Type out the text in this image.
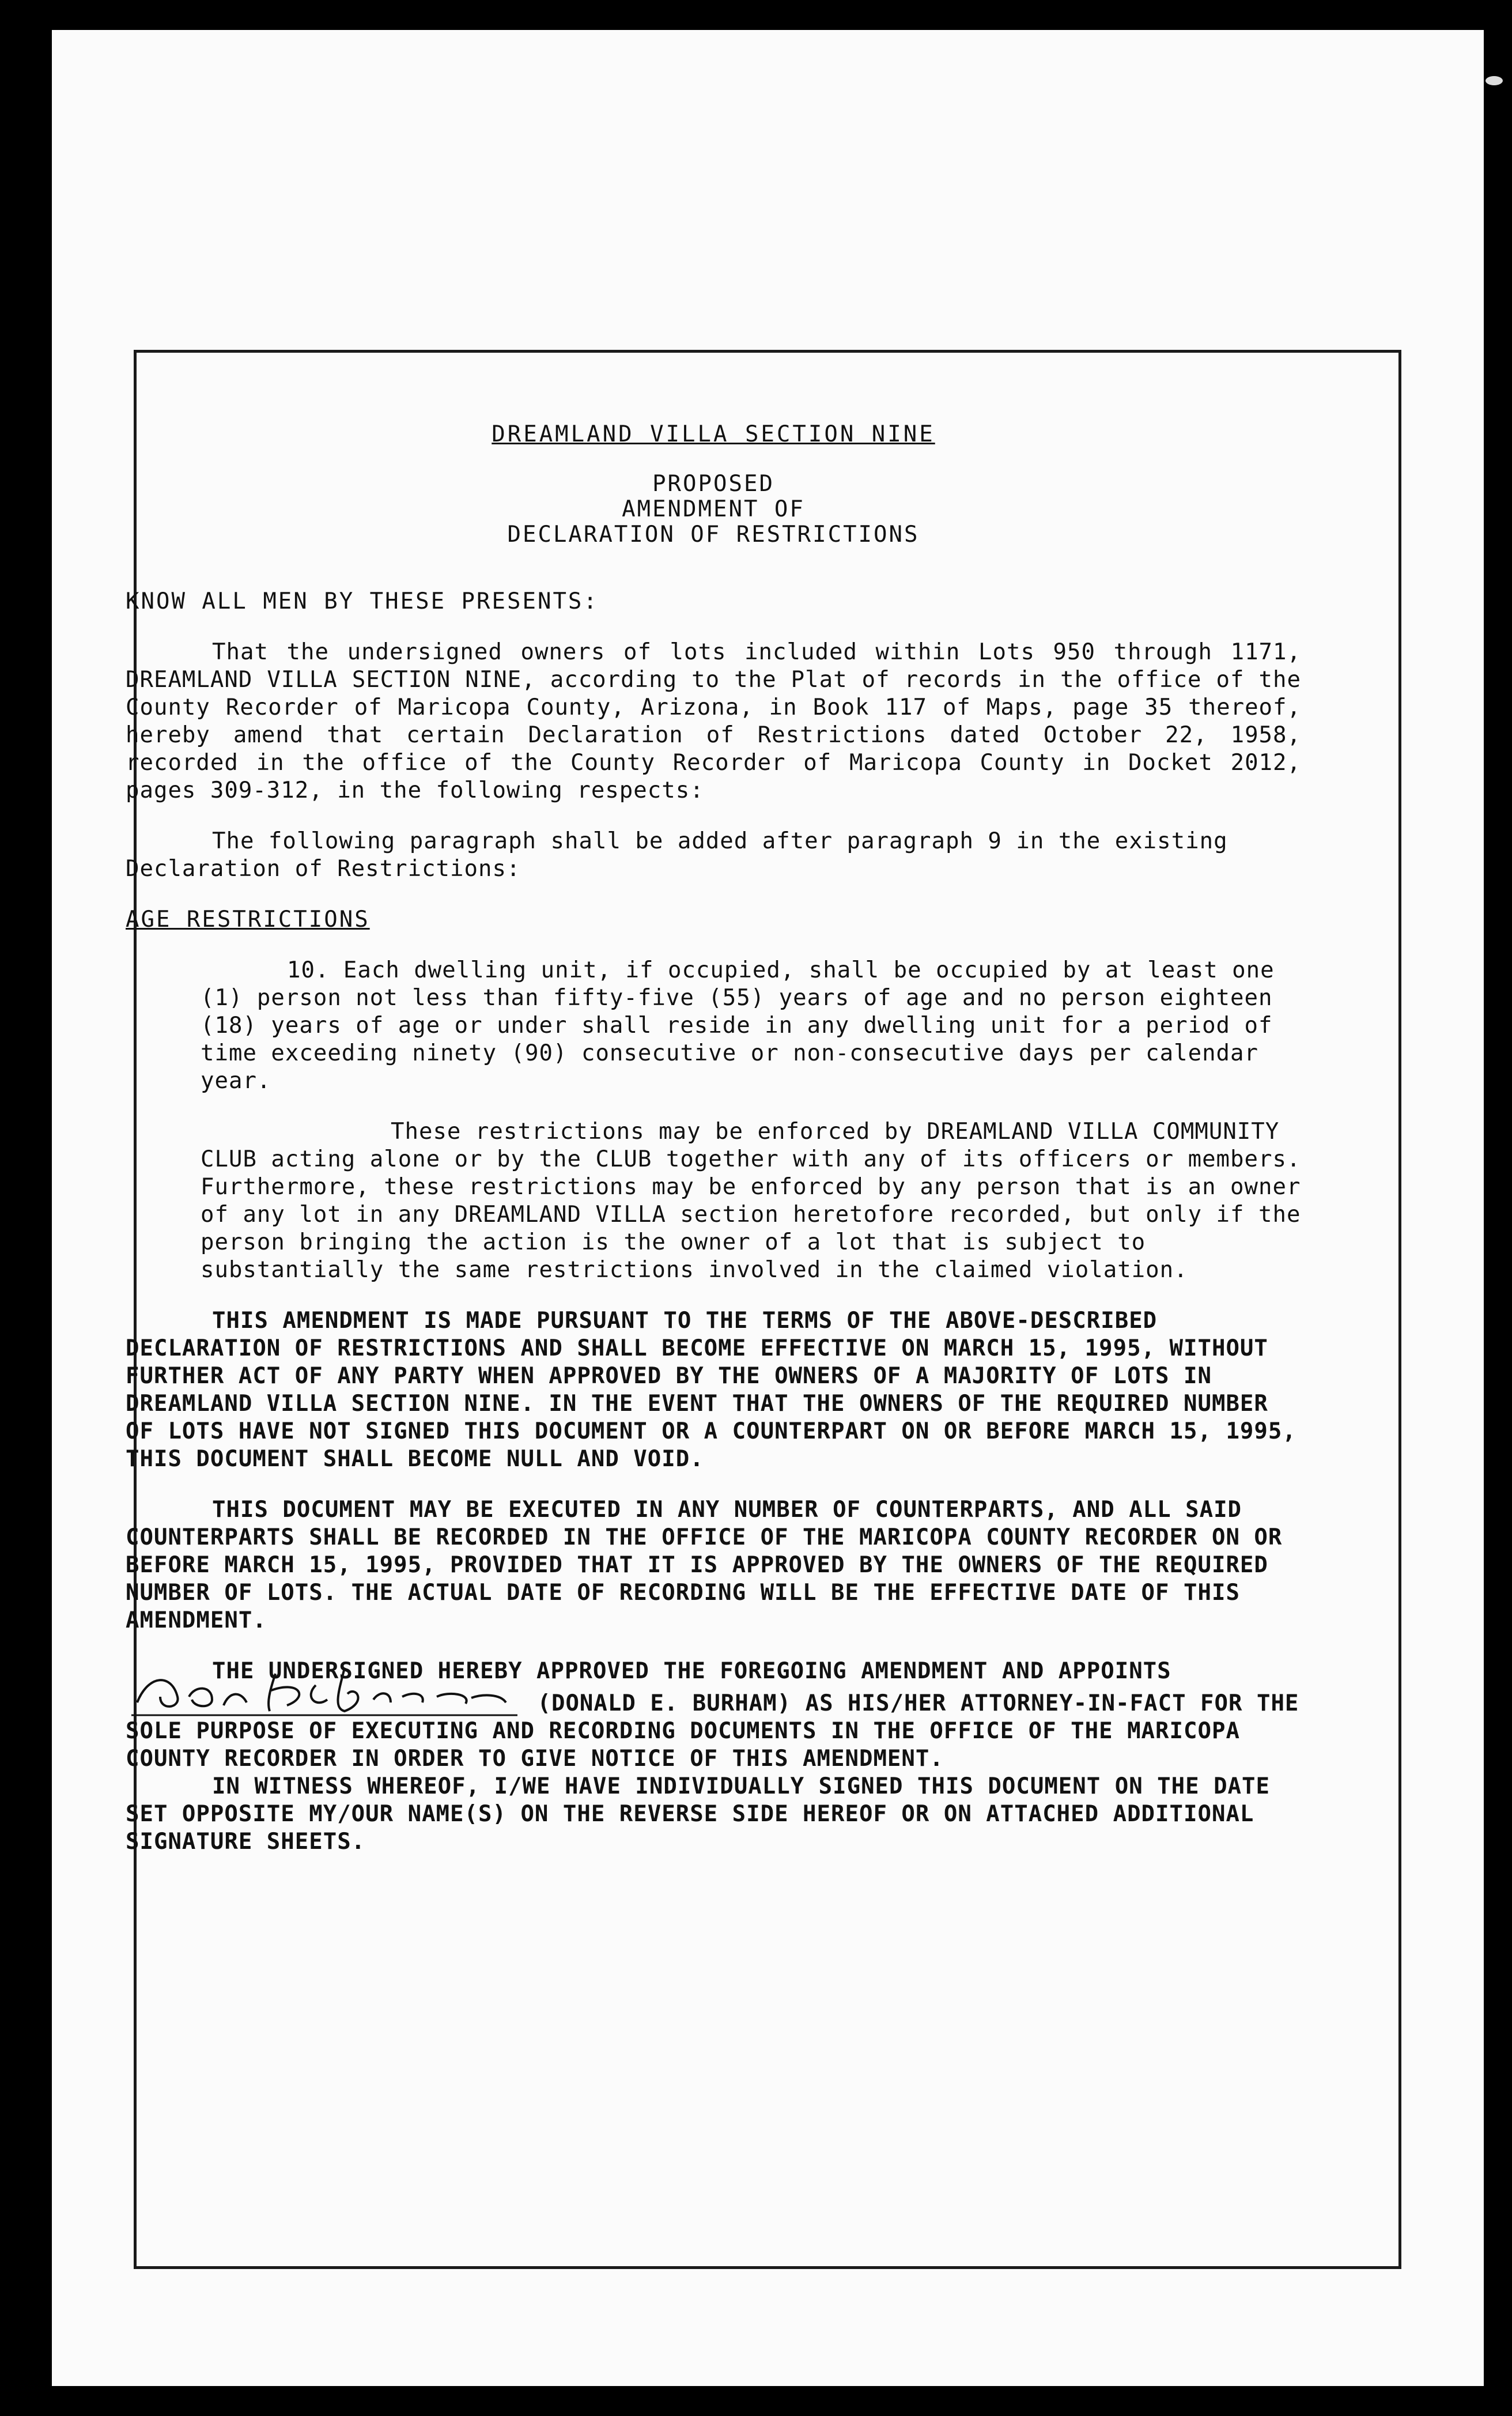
DREAMLAND VILLA SECTION NINE
PROPOSED
AMENDMENT OF
DECLARATION OF RESTRICTIONS
KNOW ALL MEN BY THESE PRESENTS:
That the undersigned owners of lots included within Lots 950 through 1171, DREAMLAND VILLA SECTION NINE, according to the Plat of records in the office of the County Recorder of Maricopa County, Arizona, in Book 117 of Maps, page 35 thereof, hereby amend that certain Declaration of Restrictions dated October 22, 1958, recorded in the office of the County Recorder of Maricopa County in Docket 2012, pages 309-312, in the following respects:
The following paragraph shall be added after paragraph 9 in the existing Declaration of Restrictions:
AGE RESTRICTIONS
10. Each dwelling unit, if occupied, shall be occupied by at least one (1) person not less than fifty-five (55) years of age and no person eighteen (18) years of age or under shall reside in any dwelling unit for a period of time exceeding ninety (90) consecutive or non-consecutive days per calendar year.
These restrictions may be enforced by DREAMLAND VILLA COMMUNITY CLUB acting alone or by the CLUB together with any of its officers or members. Furthermore, these restrictions may be enforced by any person that is an owner of any lot in any DREAMLAND VILLA section heretofore recorded, but only if the person bringing the action is the owner of a lot that is subject to substantially the same restrictions involved in the claimed violation.
THIS AMENDMENT IS MADE PURSUANT TO THE TERMS OF THE ABOVE-DESCRIBED DECLARATION OF RESTRICTIONS AND SHALL BECOME EFFECTIVE ON MARCH 15, 1995, WITHOUT FURTHER ACT OF ANY PARTY WHEN APPROVED BY THE OWNERS OF A MAJORITY OF LOTS IN DREAMLAND VILLA SECTION NINE. IN THE EVENT THAT THE OWNERS OF THE REQUIRED NUMBER OF LOTS HAVE NOT SIGNED THIS DOCUMENT OR A COUNTERPART ON OR BEFORE MARCH 15, 1995, THIS DOCUMENT SHALL BECOME NULL AND VOID.
THIS DOCUMENT MAY BE EXECUTED IN ANY NUMBER OF COUNTERPARTS, AND ALL SAID COUNTERPARTS SHALL BE RECORDED IN THE OFFICE OF THE MARICOPA COUNTY RECORDER ON OR BEFORE MARCH 15, 1995, PROVIDED THAT IT IS APPROVED BY THE OWNERS OF THE REQUIRED NUMBER OF LOTS. THE ACTUAL DATE OF RECORDING WILL BE THE EFFECTIVE DATE OF THIS AMENDMENT.
THE UNDERSIGNED HEREBY APPROVED THE FOREGOING AMENDMENT AND APPOINTS
(DONALD E. BURHAM) AS HIS/HER ATTORNEY-IN-FACT FOR THE SOLE PURPOSE OF EXECUTING AND RECORDING DOCUMENTS IN THE OFFICE OF THE MARICOPA COUNTY RECORDER IN ORDER TO GIVE NOTICE OF THIS AMENDMENT.
IN WITNESS WHEREOF, I/WE HAVE INDIVIDUALLY SIGNED THIS DOCUMENT ON THE DATE SET OPPOSITE MY/OUR NAME(S) ON THE REVERSE SIDE HEREOF OR ON ATTACHED ADDITIONAL SIGNATURE SHEETS.
